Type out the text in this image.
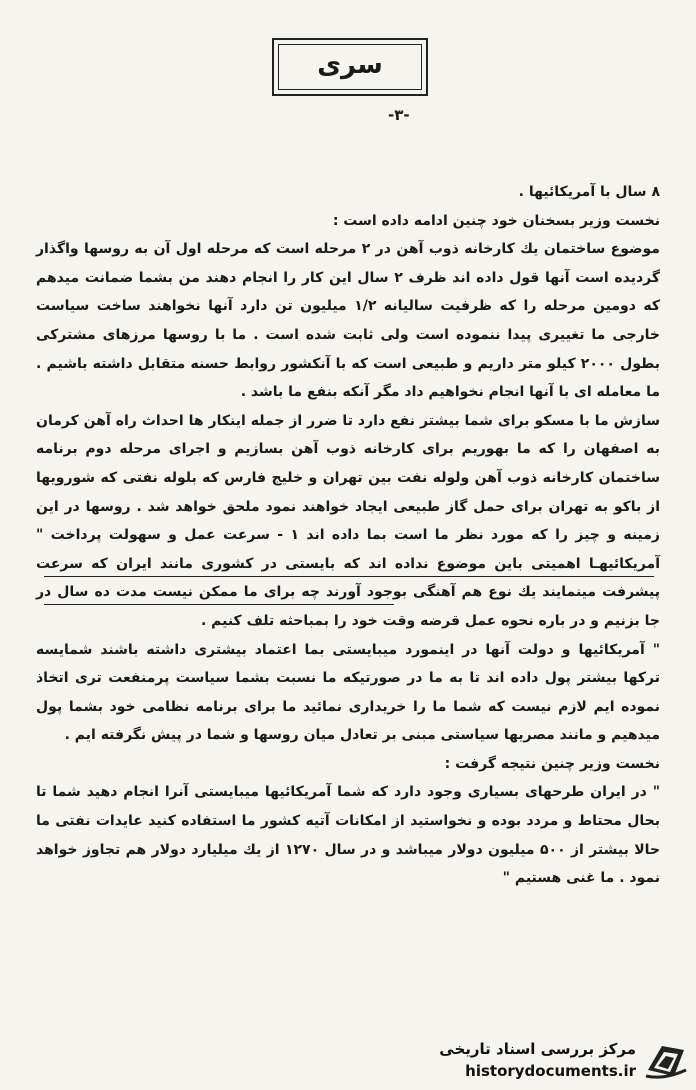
سری
-۳-

۸ سال با آمریکائیها .

نخست وزیر بسخنان خود چنین ادامه داده است :

موضوع ساختمان یك کارخانه ذوب آهن در ۲ مرحله است که مرحله اول آن به روسها واگذار گردیده است آنها قول داده اند ظرف ۲ سال این کار را انجام دهند من بشما ضمانت میدهم که دومین مرحله را که ظرفیت سالیانه ۱/۲ میلیون تن دارد آنها نخواهند ساخت سیاست خارجی ما تغییری پیدا ننموده است ولی ثابت شده است . ما با روسها مرزهای مشترکی بطول ۲۰۰۰ کیلو متر داریم و طبیعی است که با آنکشور روابط حسنه متقابل داشته باشیم . ما معامله ای با آنها انجام نخواهیم داد مگر آنکه بنفع ما باشد .

سازش ما با مسکو برای شما بیشتر نفع دارد تا ضرر از جمله اینکار ها احداث راه آهن کرمان به اصفهان را که ما بهوریم برای کارخانه ذوب آهن بسازیم و اجرای مرحله دوم برنامه ساختمان کارخانه ذوب آهن ولوله نفت بین تهران و خلیج فارس که بلوله نفتی که شورویها از باکو به تهران برای حمل گاز طبیعی ایجاد خواهند نمود ملحق خواهد شد . روسها در این زمینه و چیز را که مورد نظر ما است بما داده اند ۱ - سرعت عمل و سهولت پرداخت " آمریکائیهـا اهمیتی باین موضوع نداده اند که بایستی در کشوری مانند ایران که سرعت پیشرفت مینمایند یك نوع هم آهنگی بوجود آورند چه برای ما ممکن نیست مدت ده سال در جا بزنیم و در باره نحوه عمل قرضه وقت خود را بمباحثه تلف کنیم .

" آمریکائیها و دولت آنها در اینمورد میبایستی بما اعتماد بیشتری داشته باشند شمایسه ترکها بیشتر پول داده اند تا به ما در صورتیکه ما نسبت بشما سیاست پرمنفعت تری اتخاذ نموده ایم لازم نیست که شما ما را خریداری نمائید ما برای برنامه نظامی خود بشما پول میدهیم و مانند مصریها سیاستی مبنی بر تعادل میان روسها و شما در پیش نگرفته ایم .

نخست وزیر چنین نتیجه گرفت :

" در ایران طرحهای بسیاری وجود دارد که شما آمریکائیها میبایستی آنرا انجام دهید شما تا بحال محتاط و مردد بوده و نخواستید از امکانات آتیه کشور ما استفاده کنید عایدات نفتی ما حالا بیشتر از ۵۰۰ میلیون دولار میباشد و در سال ۱۲۷۰ از یك میلیارد دولار هم تجاوز خواهد نمود . ما غنی هستیم "

مرکز بررسی اسناد تاریخی
historydocuments.ir
